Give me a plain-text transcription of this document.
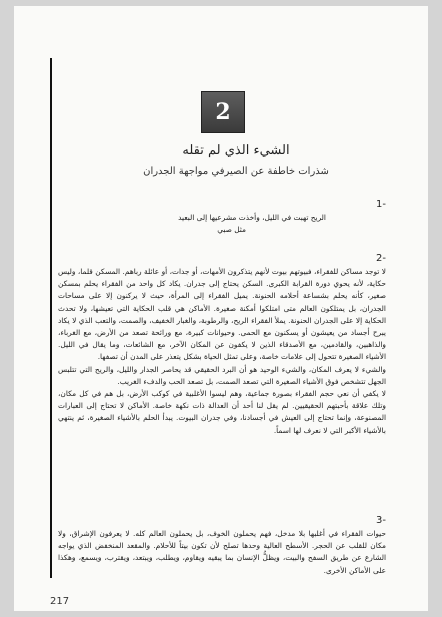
2
الشيء الذي لم تقله
شذرات خاطفة عن الصيرفي مواجهة الجدران
1-

الريح تهبت في الليل، وأخذت مشرعيها إلى البعيد

مثل صبي

2-

لا توجد مساكن للفقراء، فبيوتهم بيوت لأنهم يتذكرون الأمهات، أو جدات، أو عائلة رباهم. المسكن قلما، وليس حكاية، لأنه يحوي دورة القرابة الكبرى. السكن يحتاج إلى جدران. يكاد كل واحد من الفقراء يحلم بمسكن صغير، كأنه يحلم بشساعة أحلامه الحنونة. يميل الفقراء إلى المرأة، حيث لا يركنون إلا على مساحات الجدران، بل يمتلكون العالم متى امتلكوا أمكنة صغيرة. الأماكن هي قلب الحكاية التي تعيشها، ولا تحدث الحكاية إلا على الجدران الحنونة. يملأ الفقراء الريح، والرطوبة، والغبار الخفيف، والصمت، والتعب الذي لا يكاد يبرح أجساد من يعيشون أو يسكنون مع الحمى. وحيوانات كبيرة، مع ورائحة تصعد من الأرض، مع الغرباء، والذاهبين، والقادمين، مع الأصدقاء الذين لا يكفون عن المكان الآخر، مع الشائعات، وما يقال في الليل. الأشياء الصغيرة تتحول إلى علامات خاصة، وعلى تمثل الحياة بشكل يتعذر على المدن أن تصفها.

والشيء لا يعرف المكان، والشيء الوحيد هو أن البرد الحقيقي قد يحاصر الجدار والليل، والريح التي تتلبس الجهل تتشخص فوق الأشياء الصغيرة التي تصعد الصمت، بل تصعد الحب والدفء الغريب.

لا يكفي أن نعي حجم الفقراء بصورة جماعية، وهم ليسوا الأغلبية في كوكب الأرض، بل هم في كل مكان، وتلك علاقة بأحبتهم الحقيقيين. لم يقل لنا أحد أن العدالة ذات نكهة خاصة. الأماكن لا تحتاج إلى العبارات المصنوعة، وإنما تحتاج إلى العيش في أجسادنا، وفي جدران البيوت. يبدأ الحلم بالأشياء الصغيرة، ثم ينتهي بالأشياء الأكبر التي لا نعرف لها اسماً.

3-

حيوات الفقراء في أغلبها بلا مدخل، فهم يحملون الخوف، بل يحملون العالم كله. لا يعرفون الإشراق، ولا مكان للقلب عن الحجر. الأسطح العالية وحدها تصلح لأن تكون بيتاً للأحلام. والمقعد المنخفض الذي يواجه الشارع عن طريق السفح والبيت، ويظلُّ الإنسان بما يبقيه ويقاوم، ويطلب، ويبتعد، ويقترب، ويسمع، وهكذا على الأماكن الأخرى.

217
